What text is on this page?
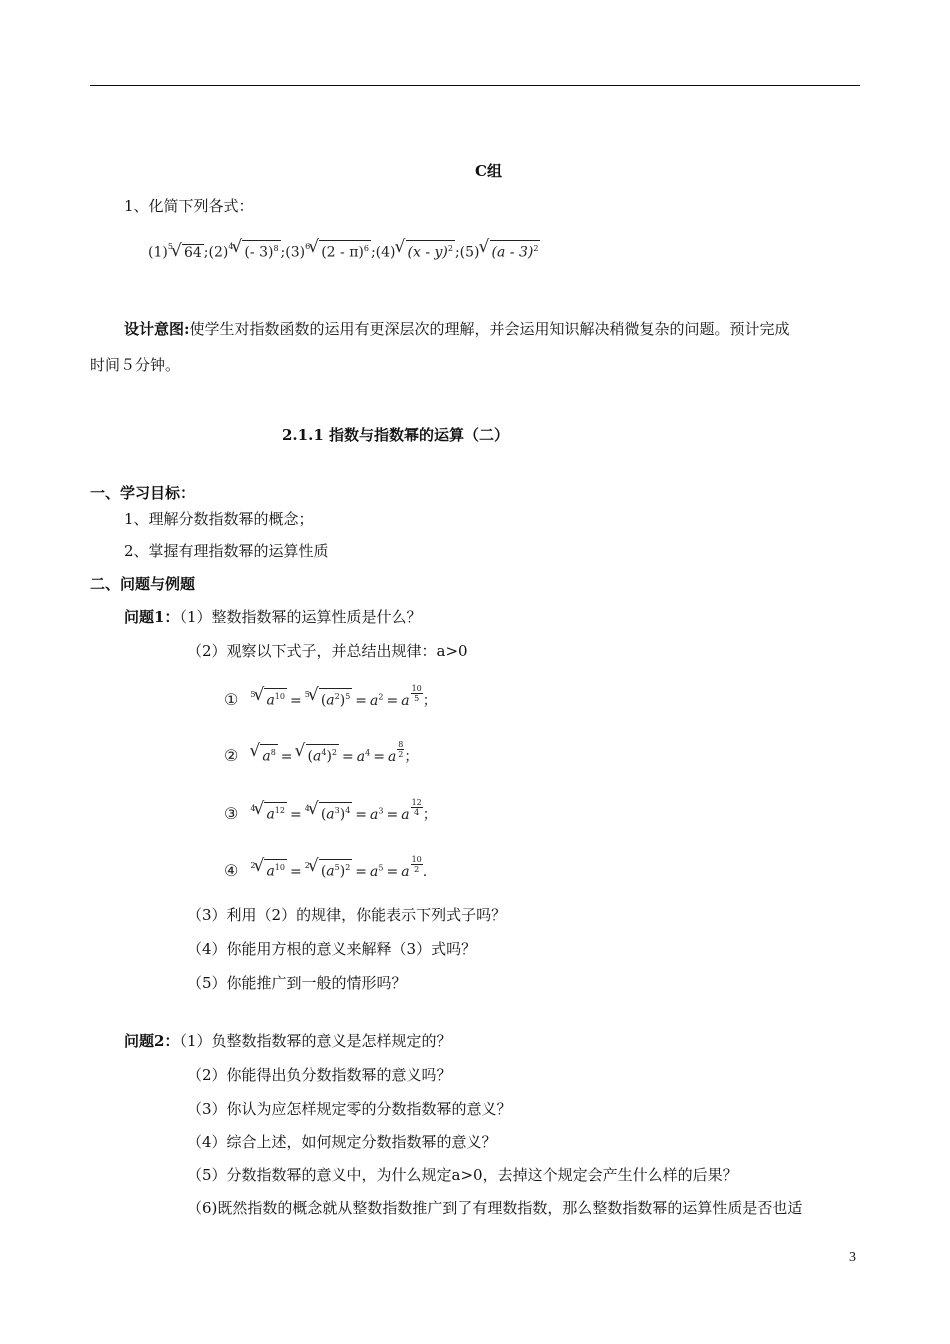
C组
1、化简下列各式：
$(1)^5√$ 64 $;(2)^4√$ (- 3)$^8$ $;(3)^6√$ (2 - π)$^6$ ;(4)√ (x - y)$^2$ ;(5)√ (a - 3)$^2$
设计意图:使学生对指数函数的运用有更深层次的理解，并会运用知识解决稍微复杂的问题。预计完成
时间５分钟。
2.1.1 指数与指数幂的运算（二）
一、学习目标：
1、理解分数指数幂的概念；
2、掌握有理指数幂的运算性质
二、问题与例题
问题1：（1）整数指数幂的运算性质是什么？
（2）观察以下式子，并总结出规律：a>0
① $^5$√ $a^{10} = ^5√$ $(a^2)^5 = a^2 = a \frac{10}{5}$ ；
②√ $a^8$ =√ $(a^4)^2 = a^4 = a \frac{8}{2}$ ；
③ $^4$√ $a^{12} = ^4√$ $(a^3)^4 = a^3 = a \frac{12}{4}$ ；
④ $^2$√ $a^{10} = ^2√$ $(a^5)^2 = a^5 = a \frac{10}{2}$ .
（3）利用（2）的规律，你能表示下列式子吗？
（4）你能用方根的意义来解释（3）式吗？
（5）你能推广到一般的情形吗？
问题2：（1）负整数指数幂的意义是怎样规定的？
（2）你能得出负分数指数幂的意义吗？
（3）你认为应怎样规定零的分数指数幂的意义？
（4）综合上述，如何规定分数指数幂的意义？
（5）分数指数幂的意义中，为什么规定a>0，去掉这个规定会产生什么样的后果？
（6)既然指数的概念就从整数指数推广到了有理数指数，那么整数指数幂的运算性质是否也适
3
